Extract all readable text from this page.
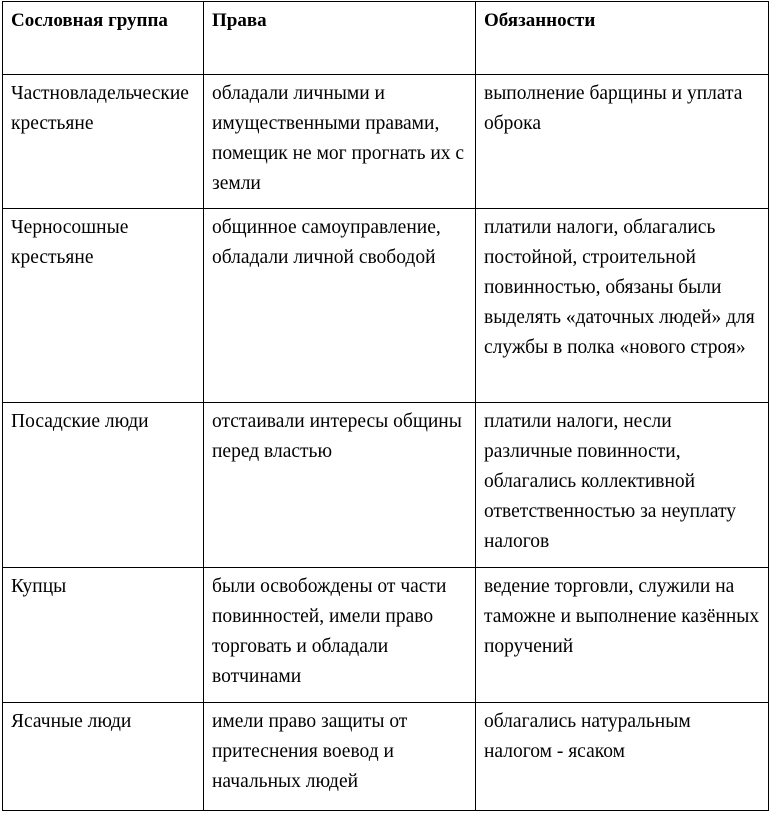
Сословная группа	Права	Обязанности
Частновладельческие крестьяне	обладали личными и имущественными правами, помещик не мог прогнать их с земли	выполнение барщины и уплата оброка
Черносошные крестьяне	общинное самоуправление, обладали личной свободой	платили налоги, облагались постойной, строительной повинностью, обязаны были выделять «даточных людей» для службы в полка «нового строя»
Посадские люди	отстаивали интересы общины перед властью	платили налоги, несли различные повинности, облагались коллективной ответственностью за неуплату налогов
Купцы	были освобождены от части повинностей, имели право торговать и обладали вотчинами	ведение торговли, служили на таможне и выполнение казённых поручений
Ясачные люди	имели право защиты от притеснения воевод и начальных людей	облагались натуральным налогом - ясаком
